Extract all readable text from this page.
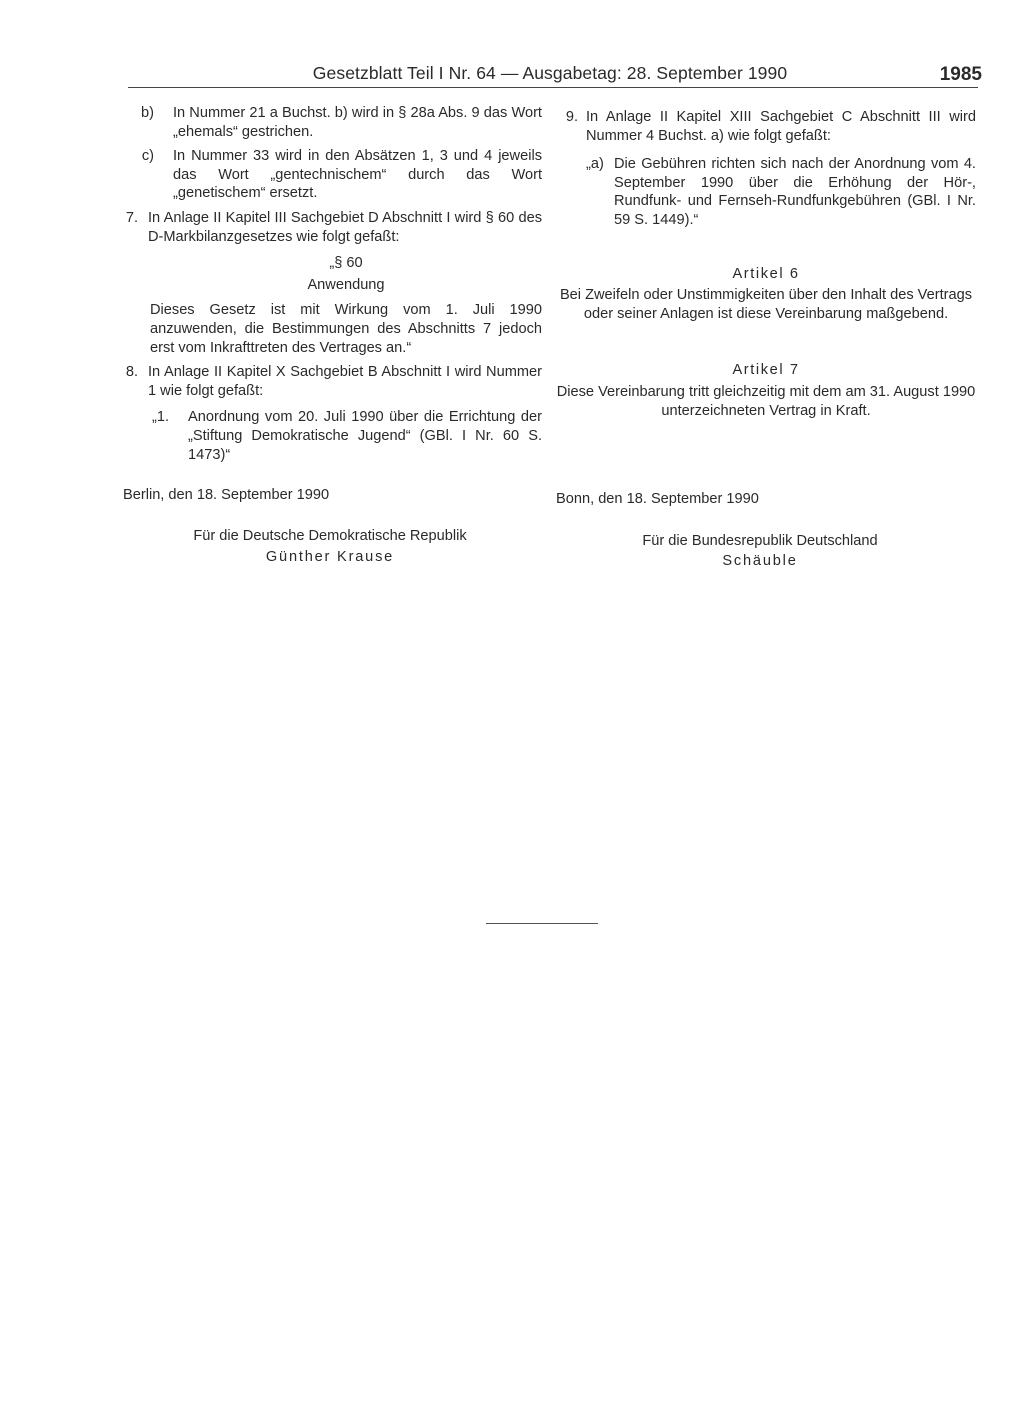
Gesetzblatt Teil I Nr. 64 — Ausgabetag: 28. September 1990	1985
b) In Nummer 21 a Buchst. b) wird in § 28a Abs. 9 das Wort „ehemals“ gestrichen.
c) In Nummer 33 wird in den Absätzen 1, 3 und 4 jeweils das Wort „gentechnischem“ durch das Wort „genetischem“ ersetzt.
7. In Anlage II Kapitel III Sachgebiet D Abschnitt I wird § 60 des D-Markbilanzgesetzes wie folgt gefaßt:
„§ 60
Anwendung
Dieses Gesetz ist mit Wirkung vom 1. Juli 1990 anzuwenden, die Bestimmungen des Abschnitts 7 jedoch erst vom Inkrafttreten des Vertrages an.“
8. In Anlage II Kapitel X Sachgebiet B Abschnitt I wird Nummer 1 wie folgt gefaßt:
„1.	Anordnung vom 20. Juli 1990 über die Errichtung der „Stiftung Demokratische Jugend“ (GBl. I Nr. 60 S. 1473)“
9. In Anlage II Kapitel XIII Sachgebiet C Abschnitt III wird Nummer 4 Buchst. a) wie folgt gefaßt:
„a) Die Gebühren richten sich nach der Anordnung vom 4. September 1990 über die Erhöhung der Hör-, Rundfunk- und Fernseh-Rundfunkgebühren (GBl. I Nr. 59 S. 1449).“
Artikel 6
Bei Zweifeln oder Unstimmigkeiten über den Inhalt des Vertrags oder seiner Anlagen ist diese Vereinbarung maßgebend.
Artikel 7
Diese Vereinbarung tritt gleichzeitig mit dem am 31. August 1990 unterzeichneten Vertrag in Kraft.
Berlin, den 18. September 1990
Für die Deutsche Demokratische Republik
Günther Krause
Bonn, den 18. September 1990
Für die Bundesrepublik Deutschland
Schäuble
